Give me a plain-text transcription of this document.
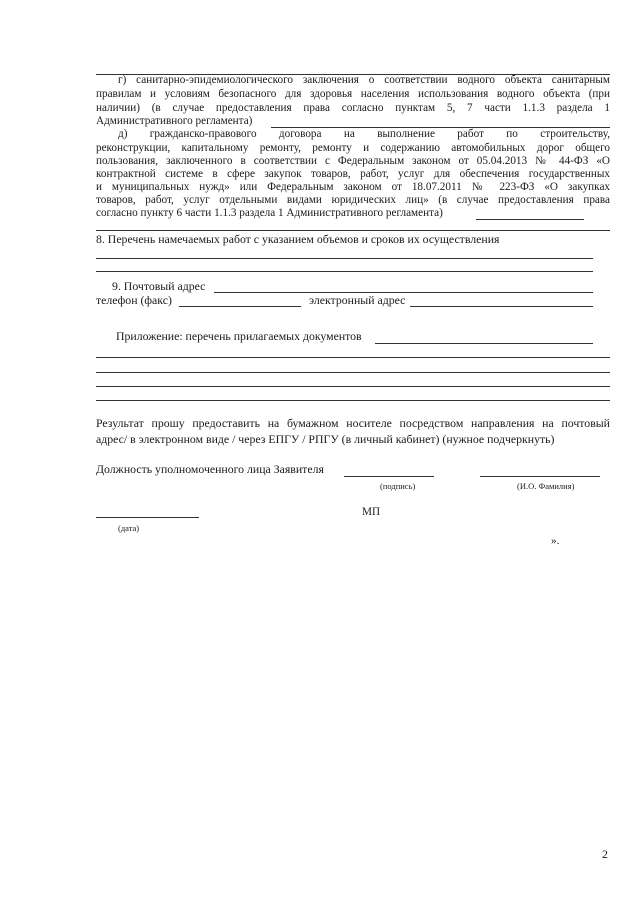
г) санитарно-эпидемиологического заключения о соответствии водного объекта санитарным
правилам и условиям безопасного для здоровья населения использования водного объекта (при
наличии) (в случае предоставления права согласно пунктам 5, 7 части 1.1.3 раздела 1
Административного регламента)
д) гражданско-правового договора на выполнение работ по строительству,
реконструкции, капитальному ремонту, ремонту и содержанию автомобильных дорог общего
пользования, заключенного в соответствии с Федеральным законом от 05.04.2013 № 44-ФЗ «О
контрактной системе в сфере закупок товаров, работ, услуг для обеспечения государственных
и муниципальных нужд» или Федеральным законом от 18.07.2011 № 223-ФЗ «О закупках
товаров, работ, услуг отдельными видами юридических лиц» (в случае предоставления права
согласно пункту 6 части 1.1.3 раздела 1 Административного регламента)
8. Перечень намечаемых работ с указанием объемов и сроков их осуществления
9. Почтовый адрес
телефон (факс)	электронный адрес
Приложение: перечень прилагаемых документов
Результат прошу предоставить на бумажном носителе посредством направления на почтовый
адрес/ в электронном виде / через ЕПГУ / РПГУ (в личный кабинет) (нужное подчеркнуть)
Должность уполномоченного лица Заявителя
(подпись)	(И.О. Фамилия)
МП
(дата)
».
2
